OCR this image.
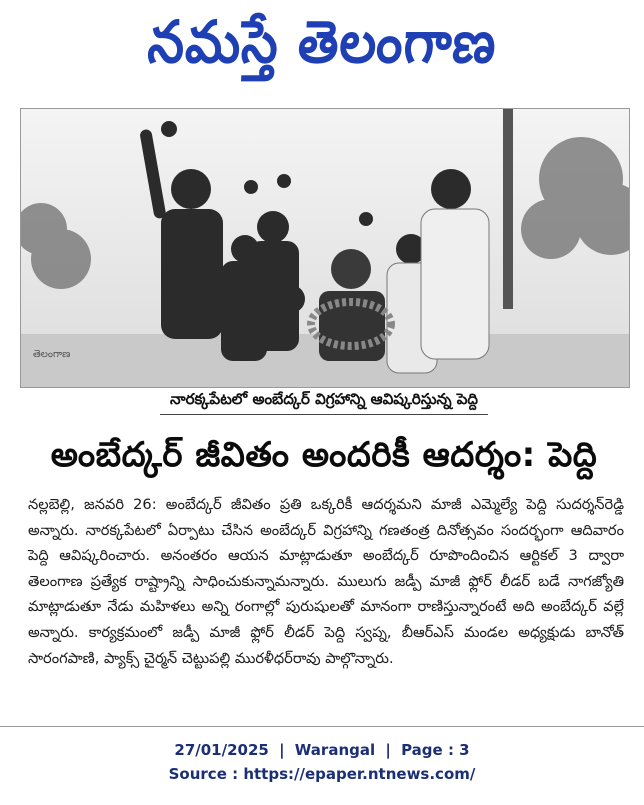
నమస్తే తెలంగాణ
తెలంగాణ
నారక్కపేటలో అంబేద్కర్ విగ్రహాన్ని ఆవిష్కరిస్తున్న పెద్ది
అంబేద్కర్ జీవితం అందరికీ ఆదర్శం: పెద్ది

నల్లబెల్లి, జనవరి 26: అంబేద్కర్ జీవితం ప్రతి ఒక్కరికీ ఆదర్శమని మాజీ ఎమ్మెల్యే పెద్ది సుదర్శన్‌రెడ్డి అన్నారు. నారక్కపేటలో ఏర్పాటు చేసిన అంబేద్కర్ విగ్రహాన్ని గణతంత్ర దినోత్సవం సందర్భంగా ఆదివారం పెద్ది ఆవిష్కరించారు. అనంతరం ఆయన మాట్లాడుతూ అంబేద్కర్ రూపొందించిన ఆర్టికల్ 3 ద్వారా తెలంగాణ ప్రత్యేక రాష్ట్రాన్ని సాధించుకున్నామన్నారు. ములుగు జడ్పీ మాజీ ఫ్లోర్ లీడర్ బడే నాగజ్యోతి మాట్లాడుతూ నేడు మహిళలు అన్ని రంగాల్లో పురుషులతో మానంగా రాణిస్తున్నారంటే అది అంబేద్కర్ వల్లే అన్నారు. కార్యక్రమంలో జడ్పీ మాజీ ఫ్లోర్ లీడర్ పెద్ది స్వప్న, బీఆర్ఎస్ మండల అధ్యక్షుడు బానోత్ సారంగపాణి, ప్యాక్స్ చైర్మన్ చెట్టుపల్లి మురళీధర్‌రావు పాల్గొన్నారు.

27/01/2025 | Warangal | Page : 3
Source : https://epaper.ntnews.com/
